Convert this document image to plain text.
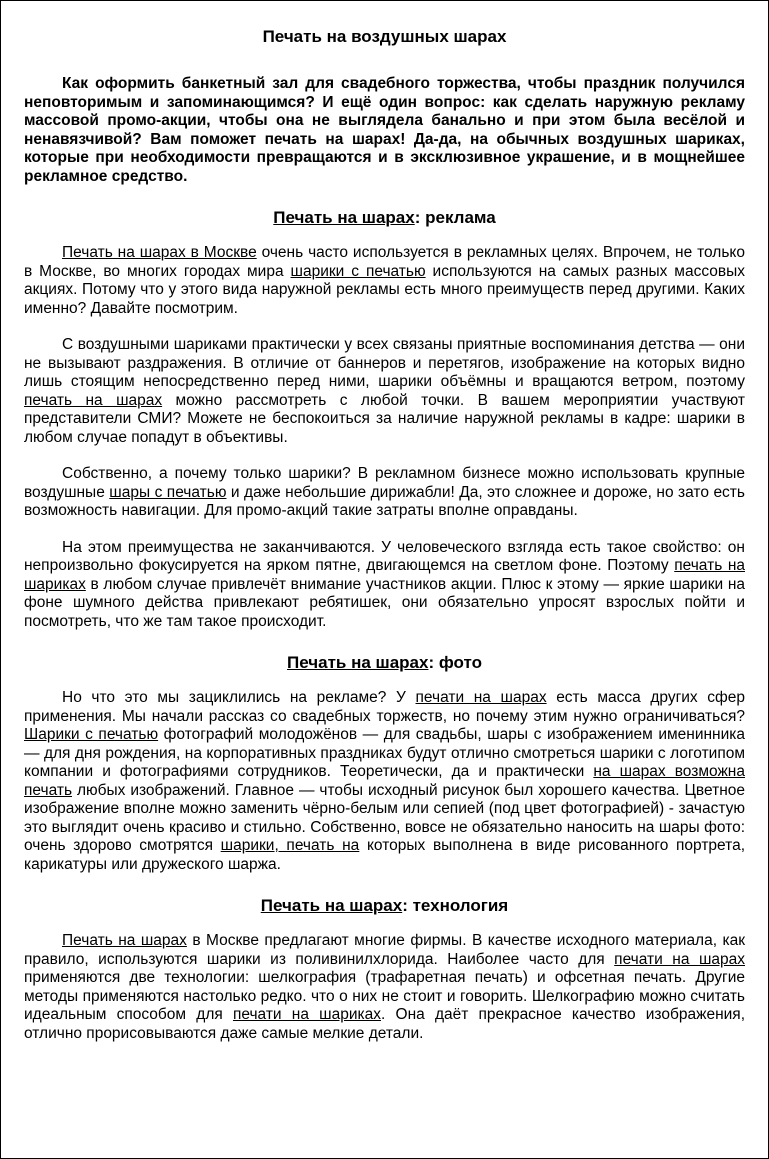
Печать на воздушных шарах

Как оформить банкетный зал для свадебного торжества, чтобы праздник получился неповторимым и запоминающимся? И ещё один вопрос: как сделать наружную рекламу массовой промо-акции, чтобы она не выглядела банально и при этом была весёлой и ненавязчивой? Вам поможет печать на шарах! Да-да, на обычных воздушных шариках, которые при необходимости превращаются и в эксклюзивное украшение, и в мощнейшее рекламное средство.

Печать на шарах: реклама

Печать на шарах в Москве очень часто используется в рекламных целях. Впрочем, не только в Москве, во многих городах мира шарики с печатью используются на самых разных массовых акциях. Потому что у этого вида наружной рекламы есть много преимуществ перед другими. Каких именно? Давайте посмотрим.

С воздушными шариками практически у всех связаны приятные воспоминания детства — они не вызывают раздражения. В отличие от баннеров и перетягов, изображение на которых видно лишь стоящим непосредственно перед ними, шарики объёмны и вращаются ветром, поэтому печать на шарах можно рассмотреть с любой точки. В вашем мероприятии участвуют представители СМИ? Можете не беспокоиться за наличие наружной рекламы в кадре: шарики в любом случае попадут в объективы.

Собственно, а почему только шарики? В рекламном бизнесе можно использовать крупные воздушные шары с печатью и даже небольшие дирижабли! Да, это сложнее и дороже, но зато есть возможность навигации. Для промо-акций такие затраты вполне оправданы.

На этом преимущества не заканчиваются. У человеческого взгляда есть такое свойство: он непроизвольно фокусируется на ярком пятне, двигающемся на светлом фоне. Поэтому печать на шариках в любом случае привлечёт внимание участников акции. Плюс к этому — яркие шарики на фоне шумного действа привлекают ребятишек, они обязательно упросят взрослых пойти и посмотреть, что же там такое происходит.

Печать на шарах: фото

Но что это мы зациклились на рекламе? У печати на шарах есть масса других сфер применения. Мы начали рассказ со свадебных торжеств, но почему этим нужно ограничиваться? Шарики с печатью фотографий молодожёнов — для свадьбы, шары с изображением именинника — для дня рождения, на корпоративных праздниках будут отлично смотреться шарики с логотипом компании и фотографиями сотрудников. Теоретически, да и практически на шарах возможна печать любых изображений. Главное — чтобы исходный рисунок был хорошего качества. Цветное изображение вполне можно заменить чёрно-белым или сепией (под цвет фотографией) - зачастую это выглядит очень красиво и стильно. Собственно, вовсе не обязательно наносить на шары фото: очень здорово смотрятся шарики, печать на которых выполнена в виде рисованного портрета, карикатуры или дружеского шаржа.

Печать на шарах: технология

Печать на шарах в Москве предлагают многие фирмы. В качестве исходного материала, как правило, используются шарики из поливинилхлорида. Наиболее часто для печати на шарах применяются две технологии: шелкография (трафаретная печать) и офсетная печать. Другие методы применяются настолько редко. что о них не стоит и говорить. Шелкографию можно считать идеальным способом для печати на шариках. Она даёт прекрасное качество изображения, отлично прорисовываются даже самые мелкие детали.
